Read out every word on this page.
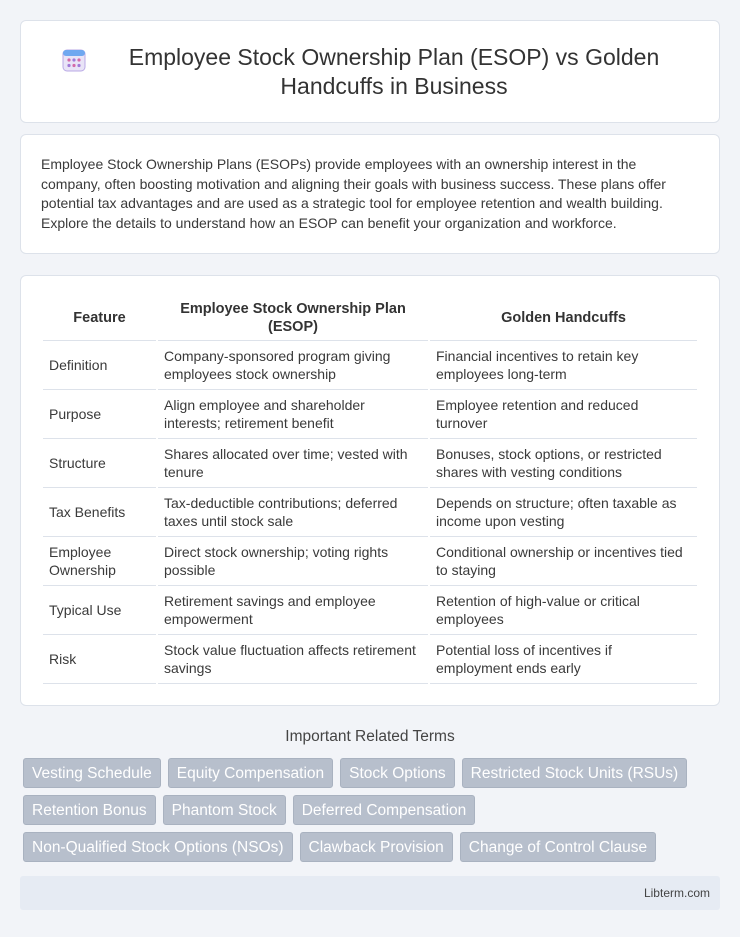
Employee Stock Ownership Plan (ESOP) vs Golden Handcuffs in Business

Employee Stock Ownership Plans (ESOPs) provide employees with an ownership interest in the company, often boosting motivation and aligning their goals with business success. These plans offer potential tax advantages and are used as a strategic tool for employee retention and wealth building. Explore the details to understand how an ESOP can benefit your organization and workforce.

Feature	Employee Stock Ownership Plan (ESOP)	Golden Handcuffs
Definition	Company-sponsored program giving employees stock ownership	Financial incentives to retain key employees long-term
Purpose	Align employee and shareholder interests; retirement benefit	Employee retention and reduced turnover
Structure	Shares allocated over time; vested with tenure	Bonuses, stock options, or restricted shares with vesting conditions
Tax Benefits	Tax-deductible contributions; deferred taxes until stock sale	Depends on structure; often taxable as income upon vesting
Employee Ownership	Direct stock ownership; voting rights possible	Conditional ownership or incentives tied to staying
Typical Use	Retirement savings and employee empowerment	Retention of high-value or critical employees
Risk	Stock value fluctuation affects retirement savings	Potential loss of incentives if employment ends early
Important Related Terms
Vesting Schedule	Equity Compensation	Stock Options	Restricted Stock Units (RSUs)
Retention Bonus	Phantom Stock	Deferred Compensation
Non-Qualified Stock Options (NSOs)	Clawback Provision	Change of Control Clause
Libterm.com
